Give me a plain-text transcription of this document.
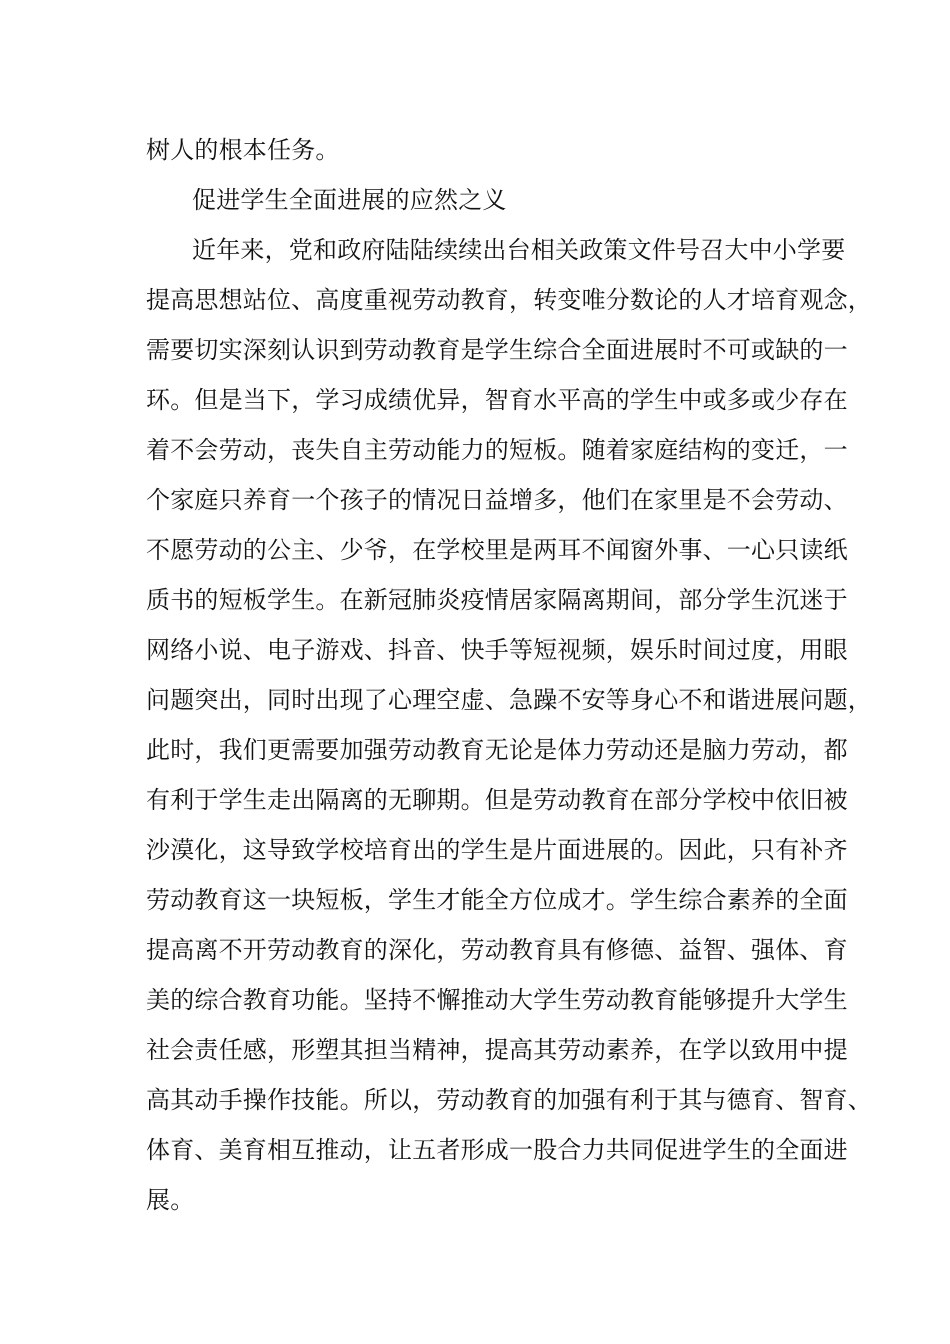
树人的根本任务。
促进学生全面进展的应然之义
近年来，党和政府陆陆续续出台相关政策文件号召大中小学要
提高思想站位、高度重视劳动教育，转变唯分数论的人才培育观念，
需要切实深刻认识到劳动教育是学生综合全面进展时不可或缺的一
环。但是当下，学习成绩优异，智育水平高的学生中或多或少存在
着不会劳动，丧失自主劳动能力的短板。随着家庭结构的变迁，一
个家庭只养育一个孩子的情况日益增多，他们在家里是不会劳动、
不愿劳动的公主、少爷，在学校里是两耳不闻窗外事、一心只读纸
质书的短板学生。在新冠肺炎疫情居家隔离期间，部分学生沉迷于
网络小说、电子游戏、抖音、快手等短视频，娱乐时间过度，用眼
问题突出，同时出现了心理空虚、急躁不安等身心不和谐进展问题，
此时，我们更需要加强劳动教育无论是体力劳动还是脑力劳动，都
有利于学生走出隔离的无聊期。但是劳动教育在部分学校中依旧被
沙漠化，这导致学校培育出的学生是片面进展的。因此，只有补齐
劳动教育这一块短板，学生才能全方位成才。学生综合素养的全面
提高离不开劳动教育的深化，劳动教育具有修德、益智、强体、育
美的综合教育功能。坚持不懈推动大学生劳动教育能够提升大学生
社会责任感，形塑其担当精神，提高其劳动素养，在学以致用中提
高其动手操作技能。所以，劳动教育的加强有利于其与德育、智育、
体育、美育相互推动，让五者形成一股合力共同促进学生的全面进
展。
